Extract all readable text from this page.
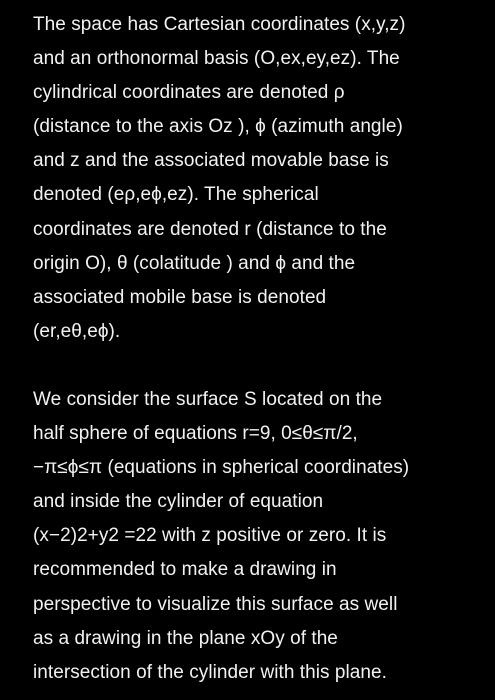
The space has Cartesian coordinates (x,y,z)
and an orthonormal basis (O,ex,ey,ez). The
cylindrical coordinates are denoted ρ
(distance to the axis Oz ), ϕ (azimuth angle)
and z and the associated movable base is
denoted (eρ,eϕ,ez). The spherical
coordinates are denoted r (distance to the
origin O), θ (colatitude ) and ϕ and the
associated mobile base is denoted
(er,eθ,eϕ).

We consider the surface S located on the
half sphere of equations r=9, 0≤θ≤π/2,
−π≤ϕ≤π (equations in spherical coordinates)
and inside the cylinder of equation
(x−2)2+y2 =22 with z positive or zero. It is
recommended to make a drawing in
perspective to visualize this surface as well
as a drawing in the plane xOy of the
intersection of the cylinder with this plane.
